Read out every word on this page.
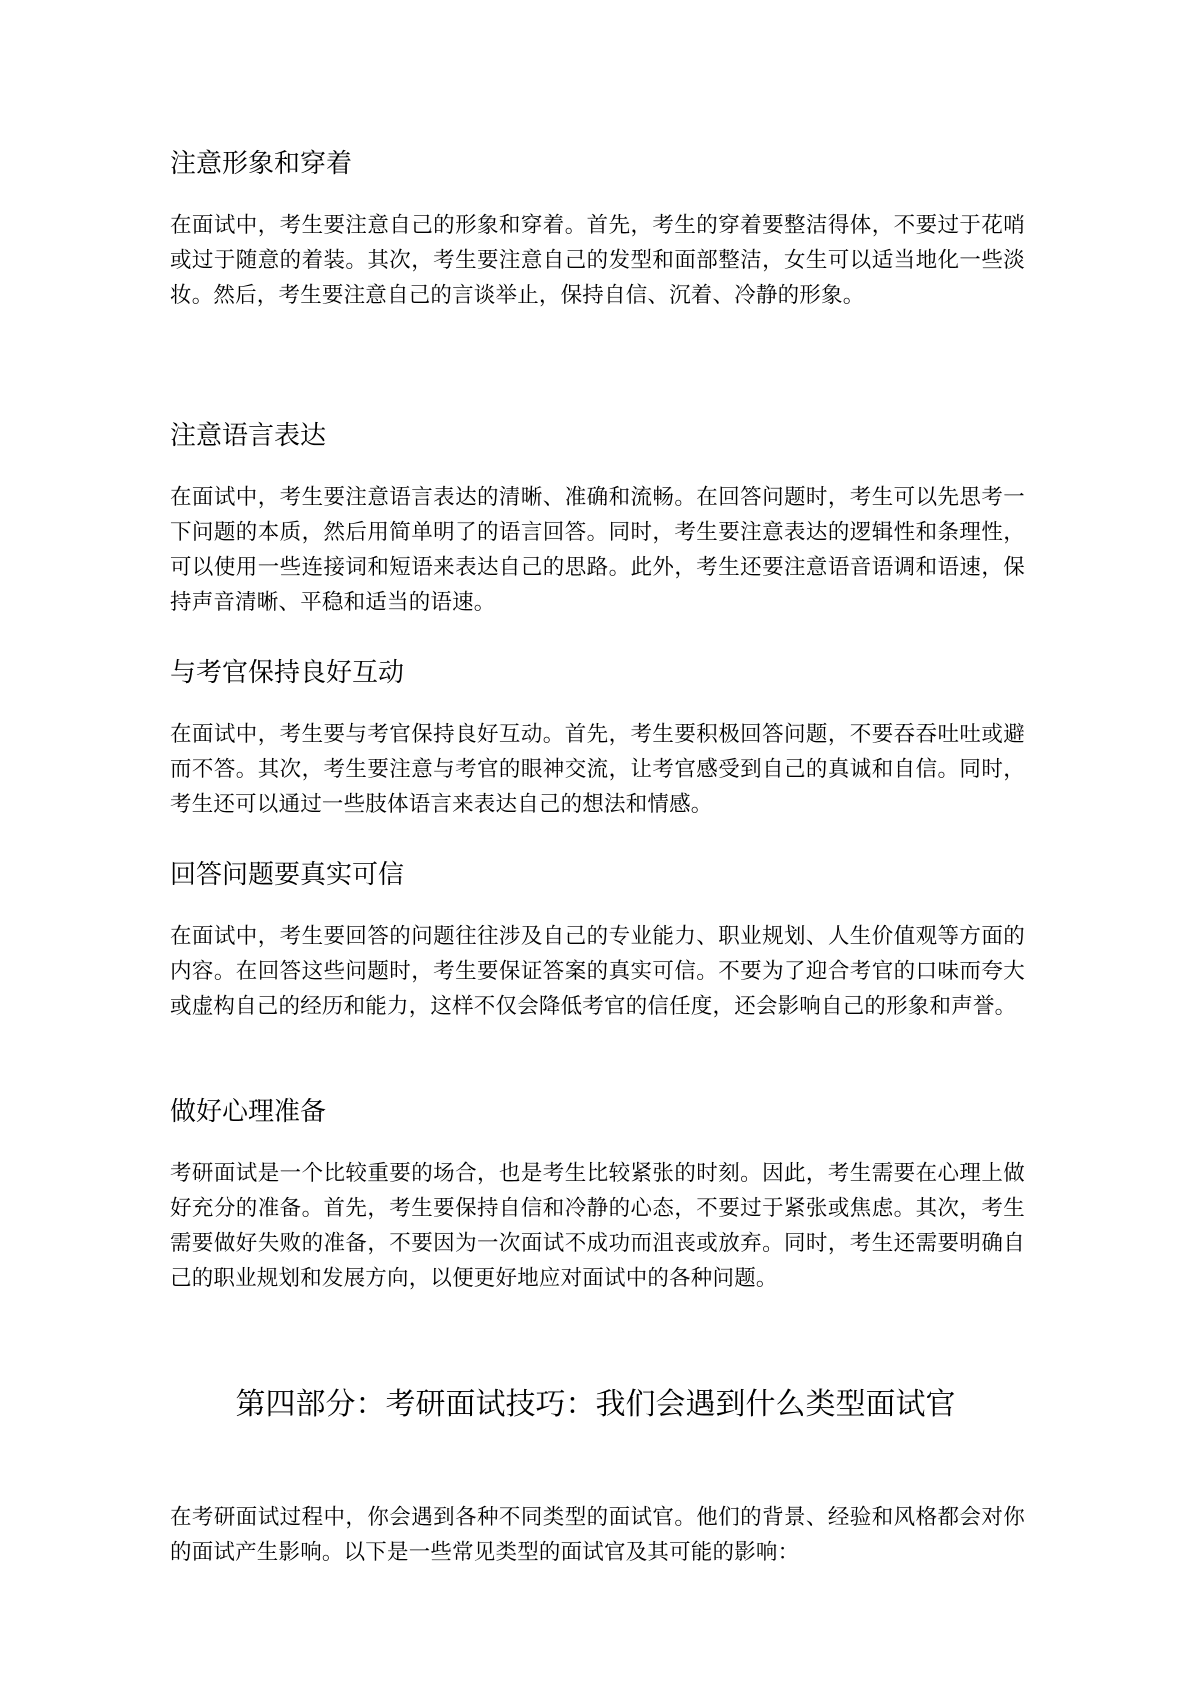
注意形象和穿着

在面试中，考生要注意自己的形象和穿着。首先，考生的穿着要整洁得体，不要过于花哨或过于随意的着装。其次，考生要注意自己的发型和面部整洁，女生可以适当地化一些淡妆。然后，考生要注意自己的言谈举止，保持自信、沉着、冷静的形象。

注意语言表达

在面试中，考生要注意语言表达的清晰、准确和流畅。在回答问题时，考生可以先思考一下问题的本质，然后用简单明了的语言回答。同时，考生要注意表达的逻辑性和条理性，可以使用一些连接词和短语来表达自己的思路。此外，考生还要注意语音语调和语速，保持声音清晰、平稳和适当的语速。

与考官保持良好互动

在面试中，考生要与考官保持良好互动。首先，考生要积极回答问题，不要吞吞吐吐或避而不答。其次，考生要注意与考官的眼神交流，让考官感受到自己的真诚和自信。同时，考生还可以通过一些肢体语言来表达自己的想法和情感。

回答问题要真实可信

在面试中，考生要回答的问题往往涉及自己的专业能力、职业规划、人生价值观等方面的内容。在回答这些问题时，考生要保证答案的真实可信。不要为了迎合考官的口味而夸大或虚构自己的经历和能力，这样不仅会降低考官的信任度，还会影响自己的形象和声誉。

做好心理准备

考研面试是一个比较重要的场合，也是考生比较紧张的时刻。因此，考生需要在心理上做好充分的准备。首先，考生要保持自信和冷静的心态，不要过于紧张或焦虑。其次，考生需要做好失败的准备，不要因为一次面试不成功而沮丧或放弃。同时，考生还需要明确自己的职业规划和发展方向，以便更好地应对面试中的各种问题。

在考研面试过程中，你会遇到各种不同类型的面试官。他们的背景、经验和风格都会对你的面试产生影响。以下是一些常见类型的面试官及其可能的影响：

第四部分：考研面试技巧：我们会遇到什么类型面试官
